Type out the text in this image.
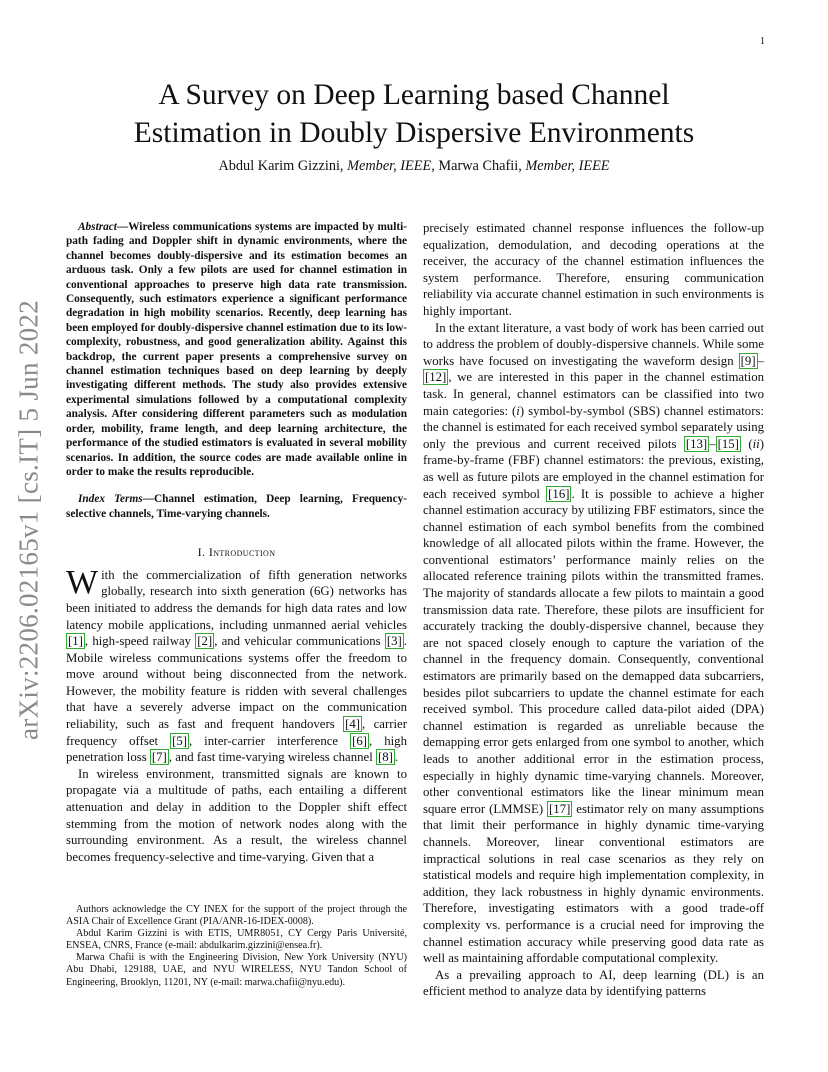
1
arXiv:2206.02165v1 [cs.IT] 5 Jun 2022
A Survey on Deep Learning based Channel
Estimation in Doubly Dispersive Environments
Abdul Karim Gizzini, Member, IEEE, Marwa Chafii, Member, IEEE

Abstract—Wireless communications systems are impacted by multi-path fading and Doppler shift in dynamic environments, where the channel becomes doubly-dispersive and its estimation becomes an arduous task. Only a few pilots are used for channel estimation in conventional approaches to preserve high data rate transmission. Consequently, such estimators experience a significant performance degradation in high mobility scenarios. Recently, deep learning has been employed for doubly-dispersive channel estimation due to its low-complexity, robustness, and good generalization ability. Against this backdrop, the current paper presents a comprehensive survey on channel estimation techniques based on deep learning by deeply investigating different methods. The study also provides extensive experimental simulations followed by a computational complexity analysis. After considering different parameters such as modulation order, mobility, frame length, and deep learning architecture, the performance of the studied estimators is evaluated in several mobility scenarios. In addition, the source codes are made available online in order to make the results reproducible.

Index Terms—Channel estimation, Deep learning, Frequency-selective channels, Time-varying channels.

I. Introduction

With the commercialization of fifth generation networks globally, research into sixth generation (6G) networks has been initiated to address the demands for high data rates and low latency mobile applications, including unmanned aerial vehicles [1] , high-speed railway [2] , and vehicular communications [3] . Mobile wireless communications systems offer the freedom to move around without being disconnected from the network. However, the mobility feature is ridden with several challenges that have a severely adverse impact on the communication reliability, such as fast and frequent handovers [4] , carrier frequency offset [5] , inter-carrier interference [6] , high penetration loss [7] , and fast time-varying wireless channel [8] .

In wireless environment, transmitted signals are known to propagate via a multitude of paths, each entailing a different attenuation and delay in addition to the Doppler shift effect stemming from the motion of network nodes along with the surrounding environment. As a result, the wireless channel becomes frequency-selective and time-varying. Given that a

Authors acknowledge the CY INEX for the support of the project through the ASIA Chair of Excellence Grant (PIA/ANR-16-IDEX-0008).

Abdul Karim Gizzini is with ETIS, UMR8051, CY Cergy Paris Université, ENSEA, CNRS, France (e-mail: abdulkarim.gizzini@ensea.fr).

Marwa Chafii is with the Engineering Division, New York University (NYU) Abu Dhabi, 129188, UAE, and NYU WIRELESS, NYU Tandon School of Engineering, Brooklyn, 11201, NY (e-mail: marwa.chafii@nyu.edu).

precisely estimated channel response influences the follow-up equalization, demodulation, and decoding operations at the receiver, the accuracy of the channel estimation influences the system performance. Therefore, ensuring communication reliability via accurate channel estimation in such environments is highly important.

In the extant literature, a vast body of work has been carried out to address the problem of doubly-dispersive channels. While some works have focused on investigating the waveform design [9] –[12] , we are interested in this paper in the channel estimation task. In general, channel estimators can be classified into two main categories: (i) symbol-by-symbol (SBS) channel estimators: the channel is estimated for each received symbol separately using only the previous and current received pilots [13] – [15] (ii) frame-by-frame (FBF) channel estimators: the previous, existing, as well as future pilots are employed in the channel estimation for each received symbol [16] . It is possible to achieve a higher channel estimation accuracy by utilizing FBF estimators, since the channel estimation of each symbol benefits from the combined knowledge of all allocated pilots within the frame. However, the conventional estimators’ performance mainly relies on the allocated reference training pilots within the transmitted frames. The majority of standards allocate a few pilots to maintain a good transmission data rate. Therefore, these pilots are insufficient for accurately tracking the doubly-dispersive channel, because they are not spaced closely enough to capture the variation of the channel in the frequency domain. Consequently, conventional estimators are primarily based on the demapped data subcarriers, besides pilot subcarriers to update the channel estimate for each received symbol. This procedure called data-pilot aided (DPA) channel estimation is regarded as unreliable because the demapping error gets enlarged from one symbol to another, which leads to another additional error in the estimation process, especially in highly dynamic time-varying channels. Moreover, other conventional estimators like the linear minimum mean square error (LMMSE) [17] estimator rely on many assumptions that limit their performance in highly dynamic time-varying channels. Moreover, linear conventional estimators are impractical solutions in real case scenarios as they rely on statistical models and require high implementation complexity, in addition, they lack robustness in highly dynamic environments. Therefore, investigating estimators with a good trade-off complexity vs. performance is a crucial need for improving the channel estimation accuracy while preserving good data rate as well as maintaining affordable computational complexity.

As a prevailing approach to AI, deep learning (DL) is an efficient method to analyze data by identifying patterns
